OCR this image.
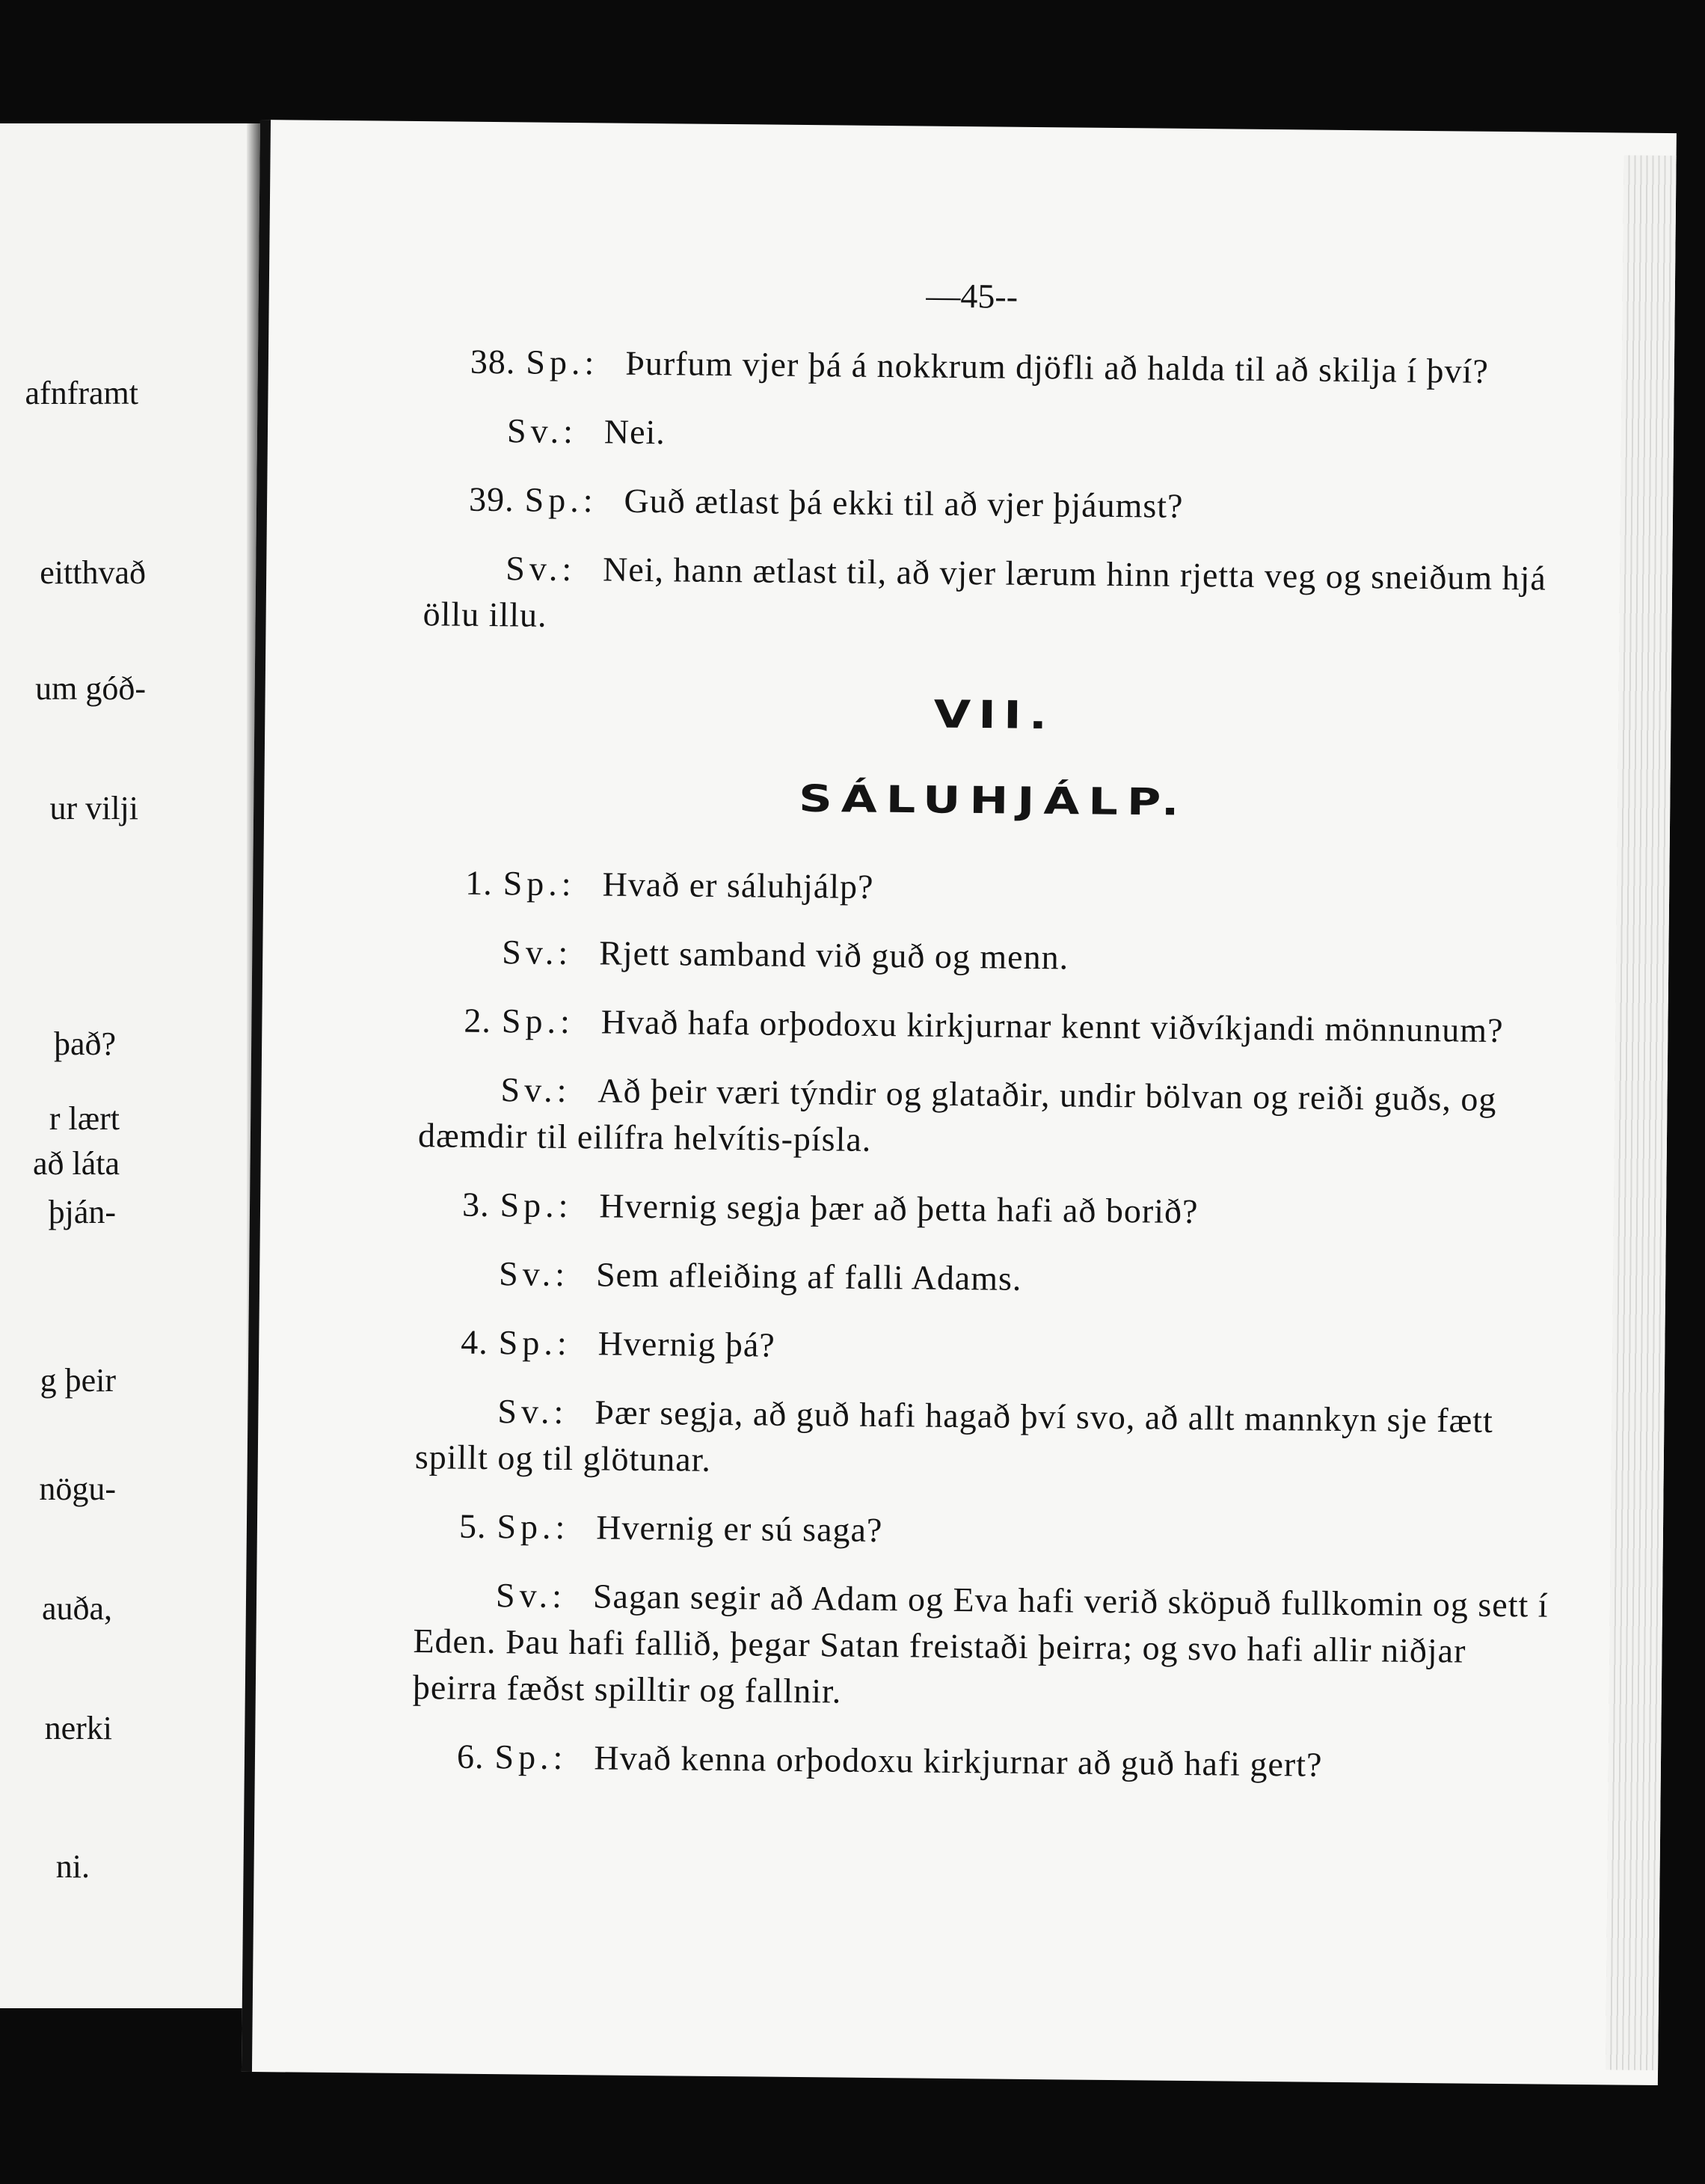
afnframt
eitthvað
um góð-
ur vilji
það?
r lært
að láta
þján-
g þeir
nögu-
auða,
nerki
ni.
—45--

38. Sp.: Þurfum vjer þá á nokkrum djöfli að halda til að skilja í því?

Sv.: Nei.

39. Sp.: Guð ætlast þá ekki til að vjer þjáumst?

Sv.: Nei, hann ætlast til, að vjer lærum hinn rjetta veg og sneiðum hjá öllu illu.

VII.
SÁLUHJÁLP.

1. Sp.: Hvað er sáluhjálp?

Sv.: Rjett samband við guð og menn.

2. Sp.: Hvað hafa orþodoxu kirkjurnar kennt viðvíkjandi mönnunum?

Sv.: Að þeir væri týndir og glataðir, undir bölvan og reiði guðs, og dæmdir til eilífra helvítis-písla.

3. Sp.: Hvernig segja þær að þetta hafi að borið?

Sv.: Sem afleiðing af falli Adams.

4. Sp.: Hvernig þá?

Sv.: Þær segja, að guð hafi hagað því svo, að allt mannkyn sje fætt spillt og til glötunar.

5. Sp.: Hvernig er sú saga?

Sv.: Sagan segir að Adam og Eva hafi verið sköpuð fullkomin og sett í Eden. Þau hafi fallið, þegar Satan freistaði þeirra; og svo hafi allir niðjar þeirra fæðst spilltir og fallnir.

6. Sp.: Hvað kenna orþodoxu kirkjurnar að guð hafi gert?
